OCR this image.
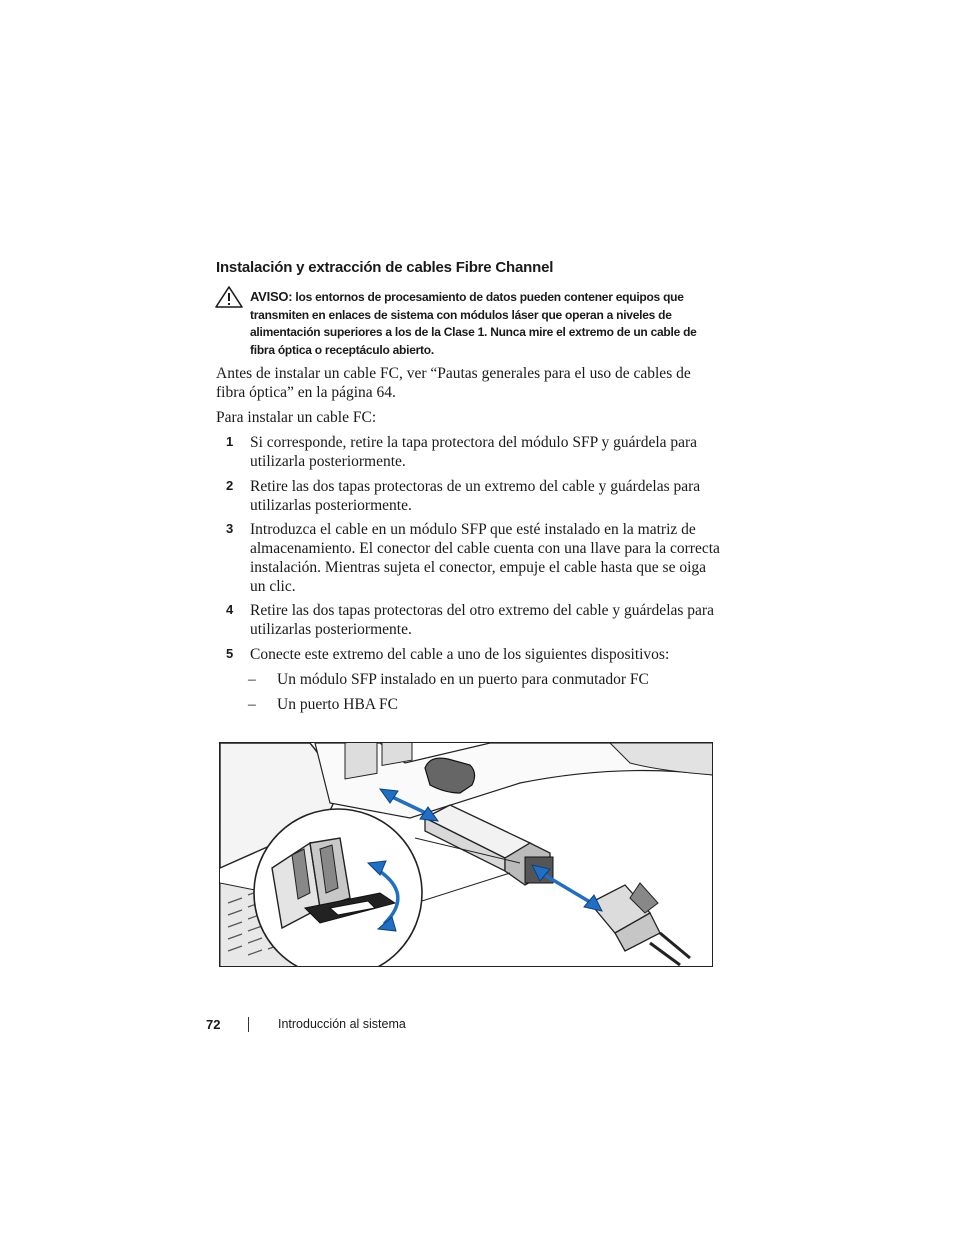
Instalación y extracción de cables Fibre Channel
AVISO: los entornos de procesamiento de datos pueden contener equipos que transmiten en enlaces de sistema con módulos láser que operan a niveles de alimentación superiores a los de la Clase 1. Nunca mire el extremo de un cable de fibra óptica o receptáculo abierto.

Antes de instalar un cable FC, ver “Pautas generales para el uso de cables de fibra óptica” en la página 64.

Para instalar un cable FC:

1 Si corresponde, retire la tapa protectora del módulo SFP y guárdela para utilizarla posteriormente.
2 Retire las dos tapas protectoras de un extremo del cable y guárdelas para utilizarlas posteriormente.
3 Introduzca el cable en un módulo SFP que esté instalado en la matriz de almacenamiento. El conector del cable cuenta con una llave para la correcta instalación. Mientras sujeta el conector, empuje el cable hasta que se oiga un clic.
4 Retire las dos tapas protectoras del otro extremo del cable y guárdelas para utilizarlas posteriormente.
5 Conecte este extremo del cable a uno de los siguientes dispositivos:
– Un módulo SFP instalado en un puerto para conmutador FC
– Un puerto HBA FC
72	Introducción al sistema
